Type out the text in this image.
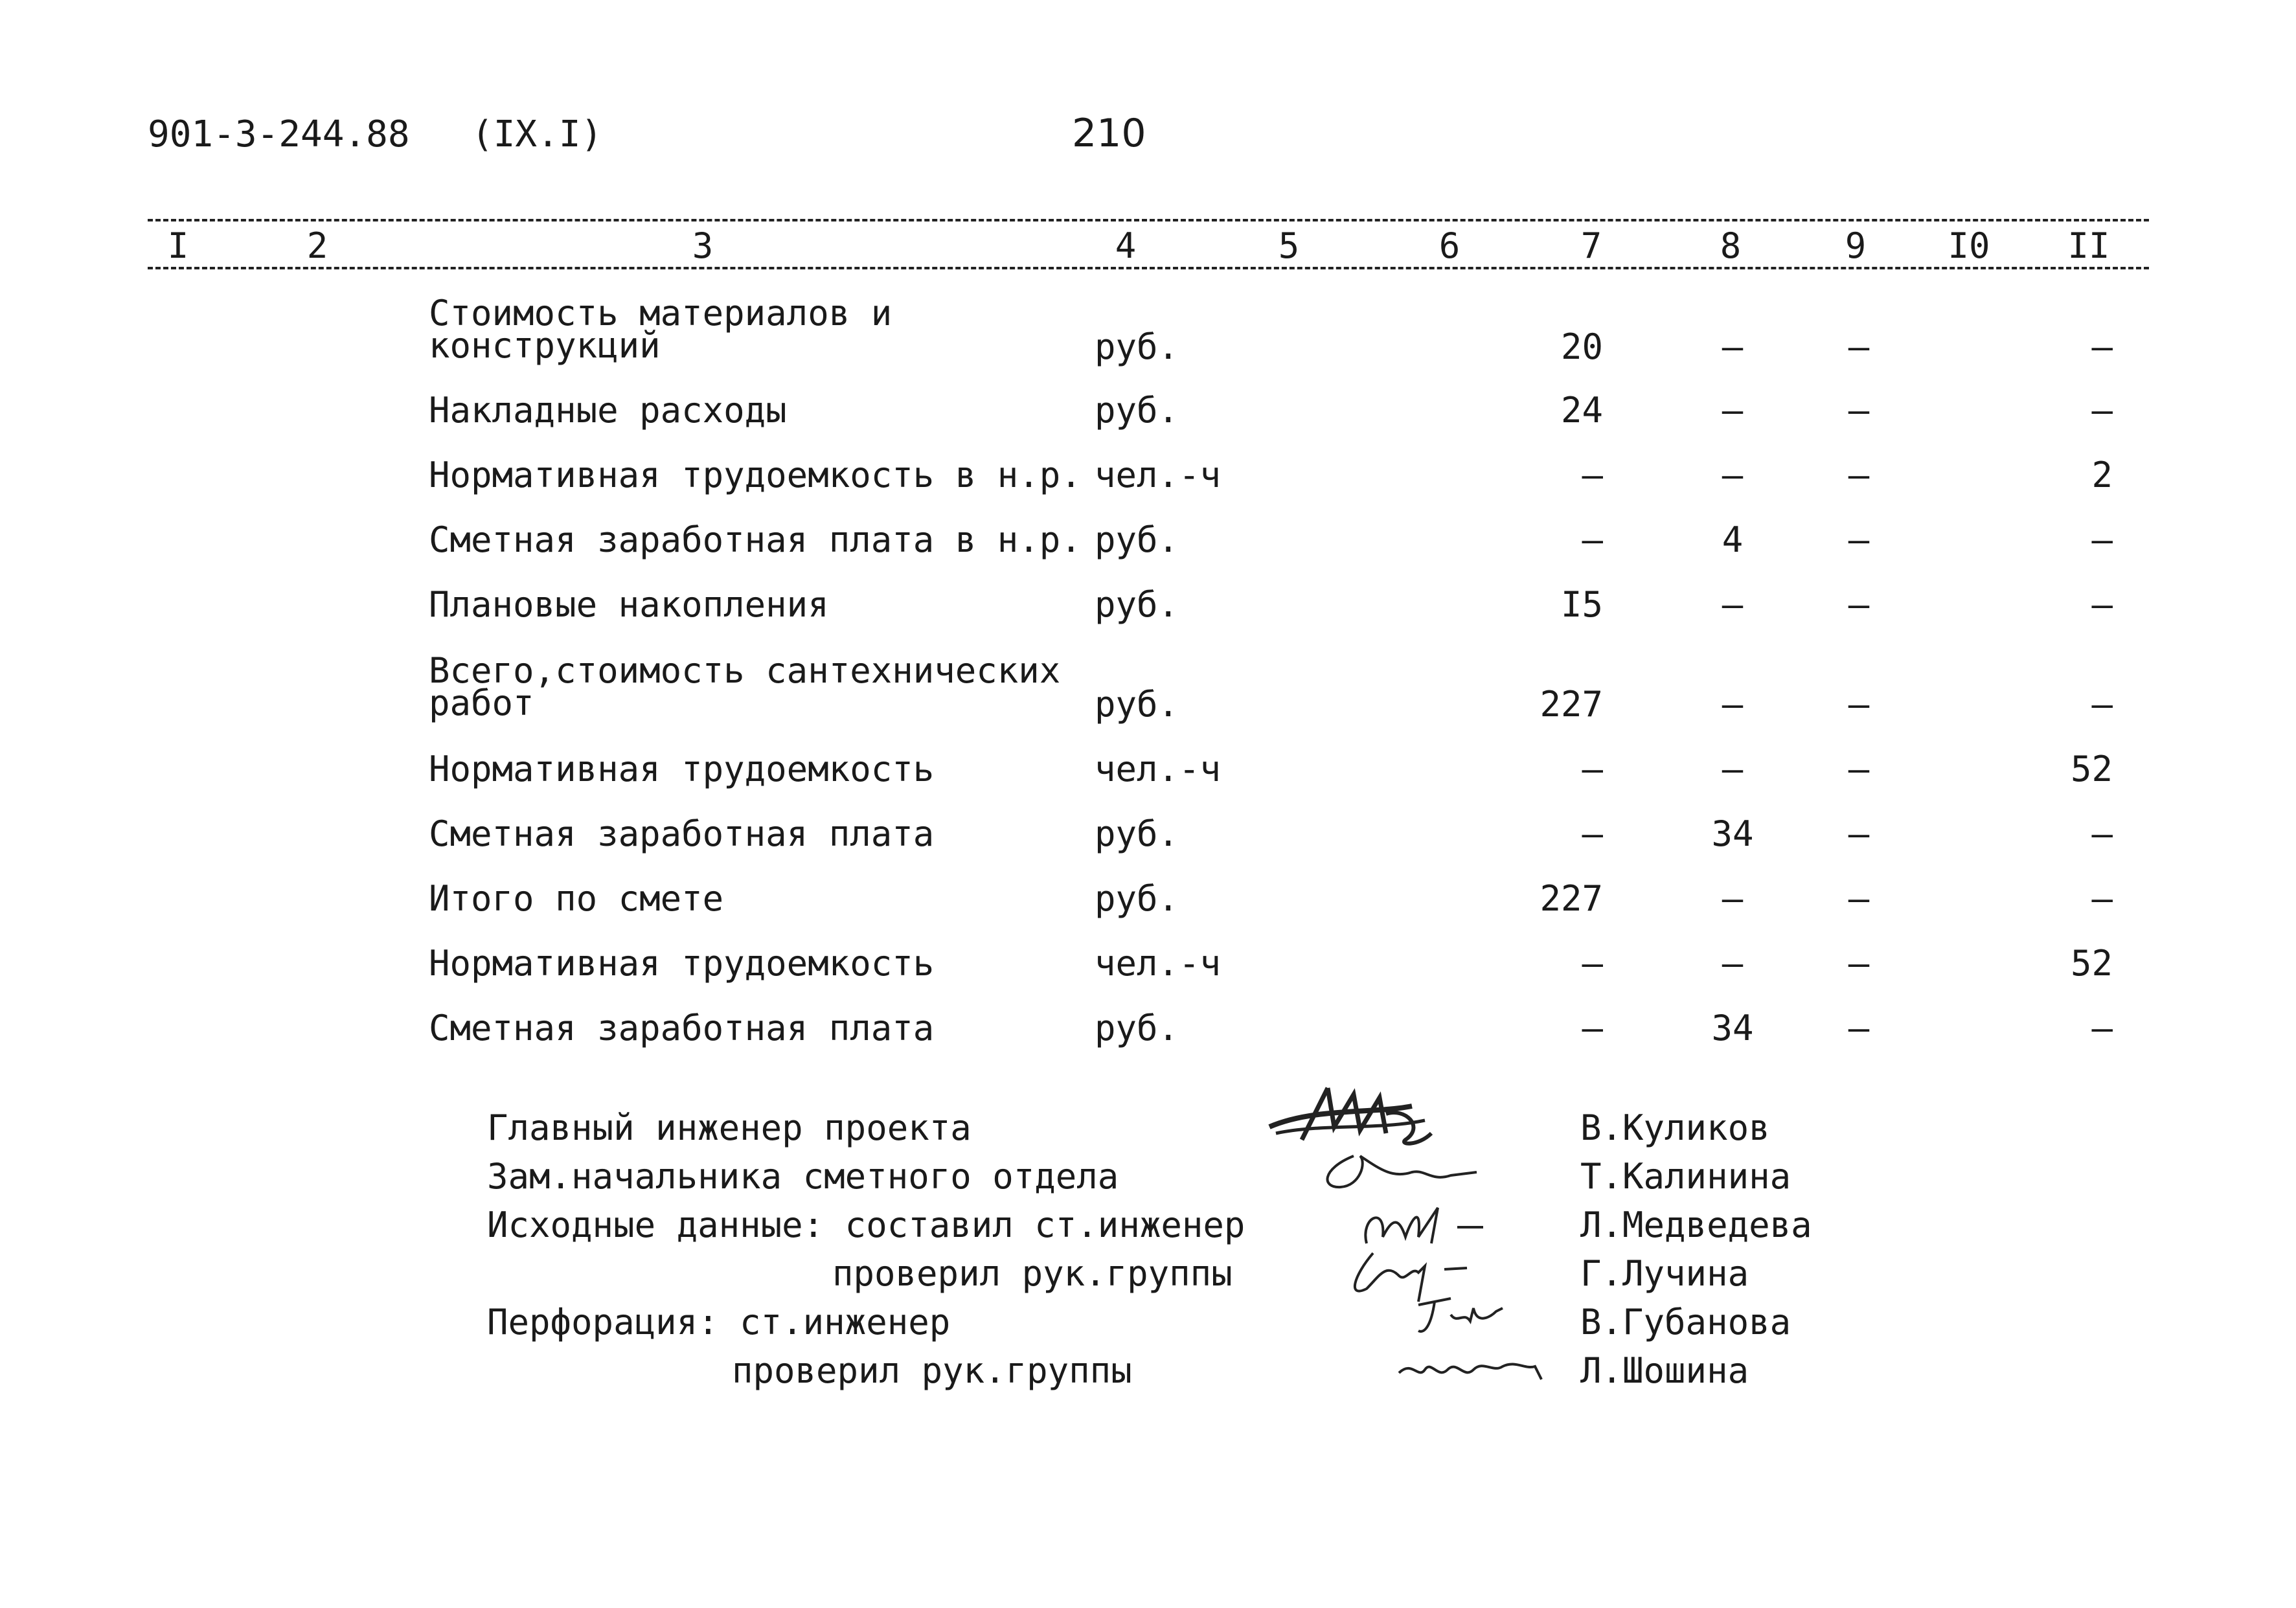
901-3-244.88 (IX.I)	210
I	2	3	4	5	6	7	8	9 I0 II
Стоимость материалов и
конструкций	руб.	20	–	–	–
Накладные расходы	руб.	24	–	–	–
Нормативная трудоемкость в н.р. чел.-ч	–	–	–	2
Сметная заработная плата в н.р. руб.	–	4	–	–
Плановые накопления	руб.	I5	–	–	–
Всего,стоимость сантехнических
работ	руб.	227	–	–	–
Нормативная трудоемкость	чел.-ч	–	–	–	52
Сметная заработная плата	руб.	–	34	–	–
Итого по смете	руб.	227	–	–	–
Нормативная трудоемкость	чел.-ч	–	–	–	52
Сметная заработная плата	руб.	–	34	–	–
Главный инженер проекта
Зам.начальника сметного отдела
Исходные данные: составил ст.инженер
проверил рук.группы
Перфорация: ст.инженер
проверил рук.группы
В.Куликов
Т.Калинина
Л.Медведева
Г.Лучина
В.Губанова
Л.Шошина
